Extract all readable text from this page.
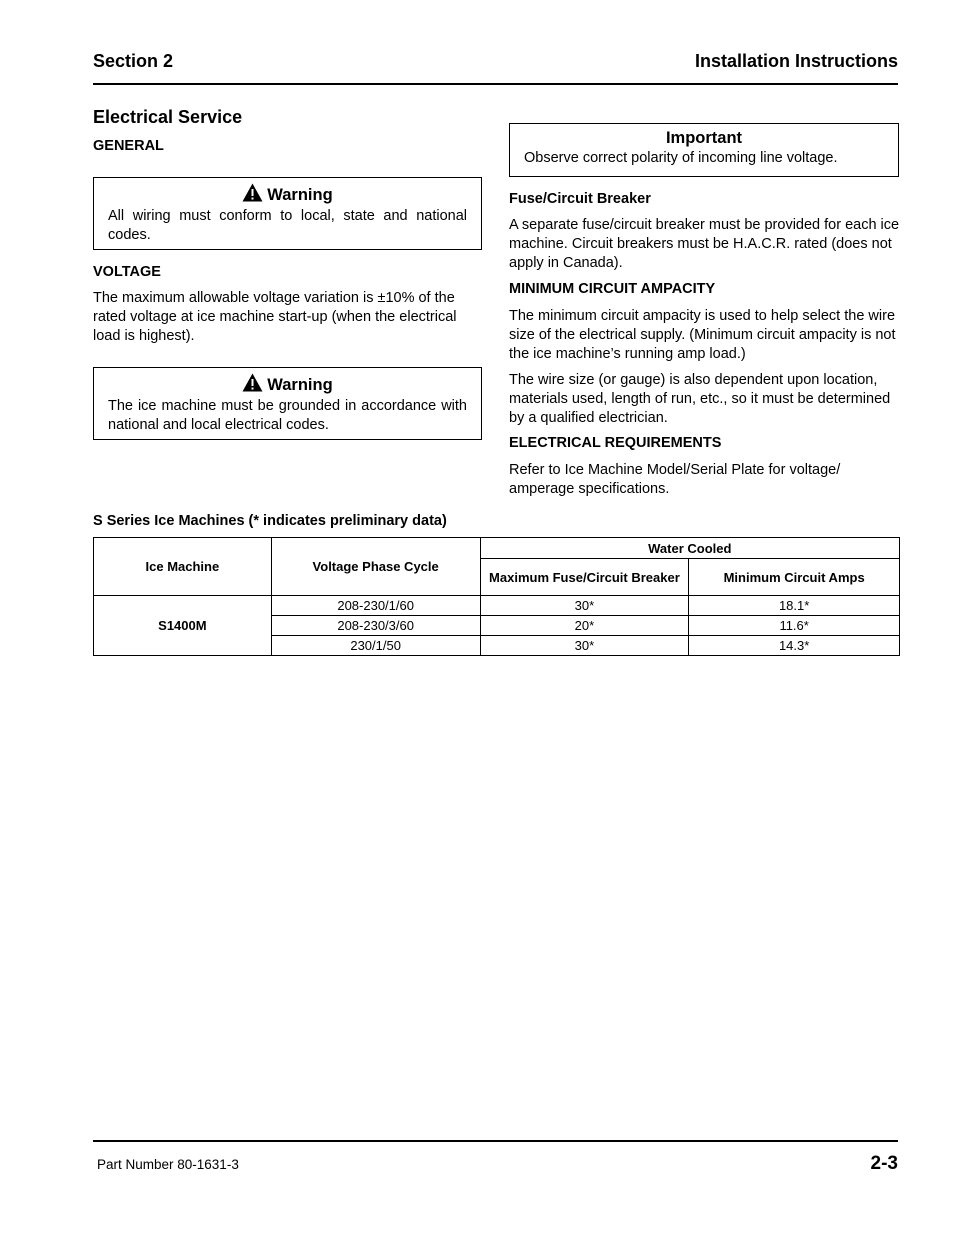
Section 2	Installation Instructions
Electrical Service
GENERAL
Warning
All wiring must conform to local, state and national codes.
VOLTAGE
The maximum allowable voltage variation is ±10% of the rated voltage at ice machine start-up (when the electrical load is highest).
Warning
The ice machine must be grounded in accordance with national and local electrical codes.
Important
Observe correct polarity of incoming line voltage.
Fuse/Circuit Breaker
A separate fuse/circuit breaker must be provided for each ice machine. Circuit breakers must be H.A.C.R. rated (does not apply in Canada).
MINIMUM CIRCUIT AMPACITY
The minimum circuit ampacity is used to help select the wire size of the electrical supply. (Minimum circuit ampacity is not the ice machine’s running amp load.)
The wire size (or gauge) is also dependent upon location, materials used, length of run, etc., so it must be determined by a qualified electrician.
ELECTRICAL REQUIREMENTS
Refer to Ice Machine Model/Serial Plate for voltage/ amperage specifications.
S Series Ice Machines (* indicates preliminary data)
Ice Machine	Voltage Phase Cycle	Water Cooled	
		Maximum Fuse/Circuit Breaker	Minimum Circuit Amps
S1400M	208-230/1/60	30*	18.1*
	208-230/3/60	20*	11.6*
	230/1/50	30*	14.3*
Part Number 80-1631-3	2-3
